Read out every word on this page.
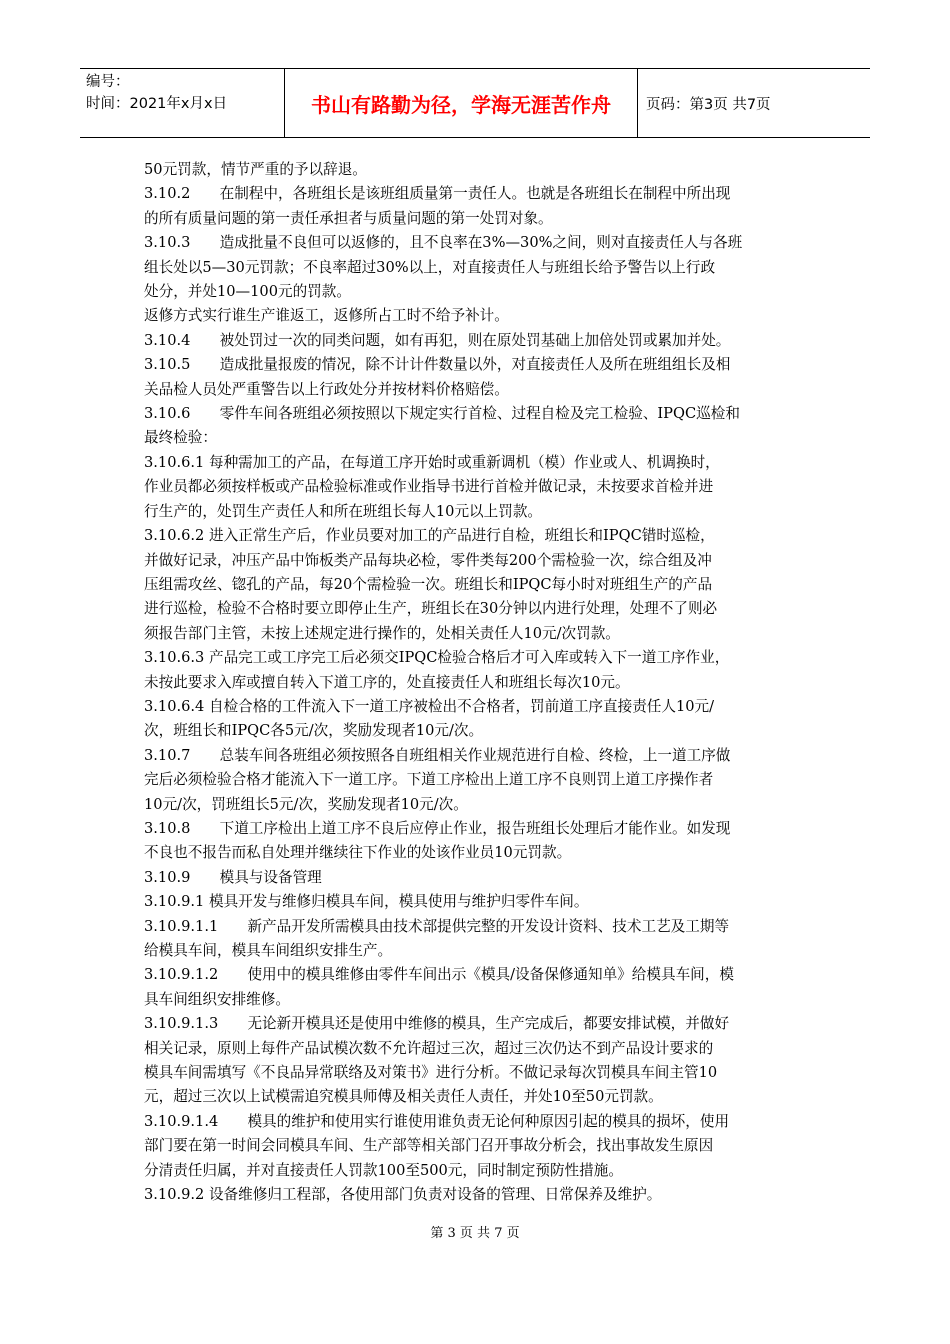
编号：
时间：2021年x月x日	书山有路勤为径，学海无涯苦作舟	页码：第3页 共7页

50元罚款，情节严重的予以辞退。

3.10.2　　在制程中，各班组长是该班组质量第一责任人。也就是各班组长在制程中所出现

的所有质量问题的第一责任承担者与质量问题的第一处罚对象。

3.10.3　　造成批量不良但可以返修的，且不良率在3%—30%之间，则对直接责任人与各班

组长处以5—30元罚款；不良率超过30%以上，对直接责任人与班组长给予警告以上行政

处分，并处10—100元的罚款。

返修方式实行谁生产谁返工，返修所占工时不给予补计。

3.10.4　　被处罚过一次的同类问题，如有再犯，则在原处罚基础上加倍处罚或累加并处。

3.10.5　　造成批量报废的情况，除不计计件数量以外，对直接责任人及所在班组组长及相

关品检人员处严重警告以上行政处分并按材料价格赔偿。

3.10.6　　零件车间各班组必须按照以下规定实行首检、过程自检及完工检验、IPQC巡检和

最终检验：

3.10.6.1 每种需加工的产品，在每道工序开始时或重新调机（模）作业或人、机调换时，

作业员都必须按样板或产品检验标准或作业指导书进行首检并做记录，未按要求首检并进

行生产的，处罚生产责任人和所在班组长每人10元以上罚款。

3.10.6.2 进入正常生产后，作业员要对加工的产品进行自检，班组长和IPQC错时巡检，

并做好记录，冲压产品中饰板类产品每块必检，零件类每200个需检验一次，综合组及冲

压组需攻丝、锪孔的产品，每20个需检验一次。班组长和IPQC每小时对班组生产的产品

进行巡检，检验不合格时要立即停止生产，班组长在30分钟以内进行处理，处理不了则必

须报告部门主管，未按上述规定进行操作的，处相关责任人10元/次罚款。

3.10.6.3 产品完工或工序完工后必须交IPQC检验合格后才可入库或转入下一道工序作业，

未按此要求入库或擅自转入下道工序的，处直接责任人和班组长每次10元。

3.10.6.4 自检合格的工件流入下一道工序被检出不合格者，罚前道工序直接责任人10元/

次，班组长和IPQC各5元/次，奖励发现者10元/次。

3.10.7　　总装车间各班组必须按照各自班组相关作业规范进行自检、终检，上一道工序做

完后必须检验合格才能流入下一道工序。下道工序检出上道工序不良则罚上道工序操作者

10元/次，罚班组长5元/次，奖励发现者10元/次。

3.10.8　　下道工序检出上道工序不良后应停止作业，报告班组长处理后才能作业。如发现

不良也不报告而私自处理并继续往下作业的处该作业员10元罚款。

3.10.9　　模具与设备管理

3.10.9.1 模具开发与维修归模具车间，模具使用与维护归零件车间。

3.10.9.1.1　　新产品开发所需模具由技术部提供完整的开发设计资料、技术工艺及工期等

给模具车间，模具车间组织安排生产。

3.10.9.1.2　　使用中的模具维修由零件车间出示《模具/设备保修通知单》给模具车间，模

具车间组织安排维修。

3.10.9.1.3　　无论新开模具还是使用中维修的模具，生产完成后，都要安排试模，并做好

相关记录，原则上每件产品试模次数不允许超过三次，超过三次仍达不到产品设计要求的

模具车间需填写《不良品异常联络及对策书》进行分析。不做记录每次罚模具车间主管10

元，超过三次以上试模需追究模具师傅及相关责任人责任，并处10至50元罚款。

3.10.9.1.4　　模具的维护和使用实行谁使用谁负责无论何种原因引起的模具的损坏，使用

部门要在第一时间会同模具车间、生产部等相关部门召开事故分析会，找出事故发生原因

分清责任归属，并对直接责任人罚款100至500元，同时制定预防性措施。

3.10.9.2 设备维修归工程部，各使用部门负责对设备的管理、日常保养及维护。

第 3 页 共 7 页
